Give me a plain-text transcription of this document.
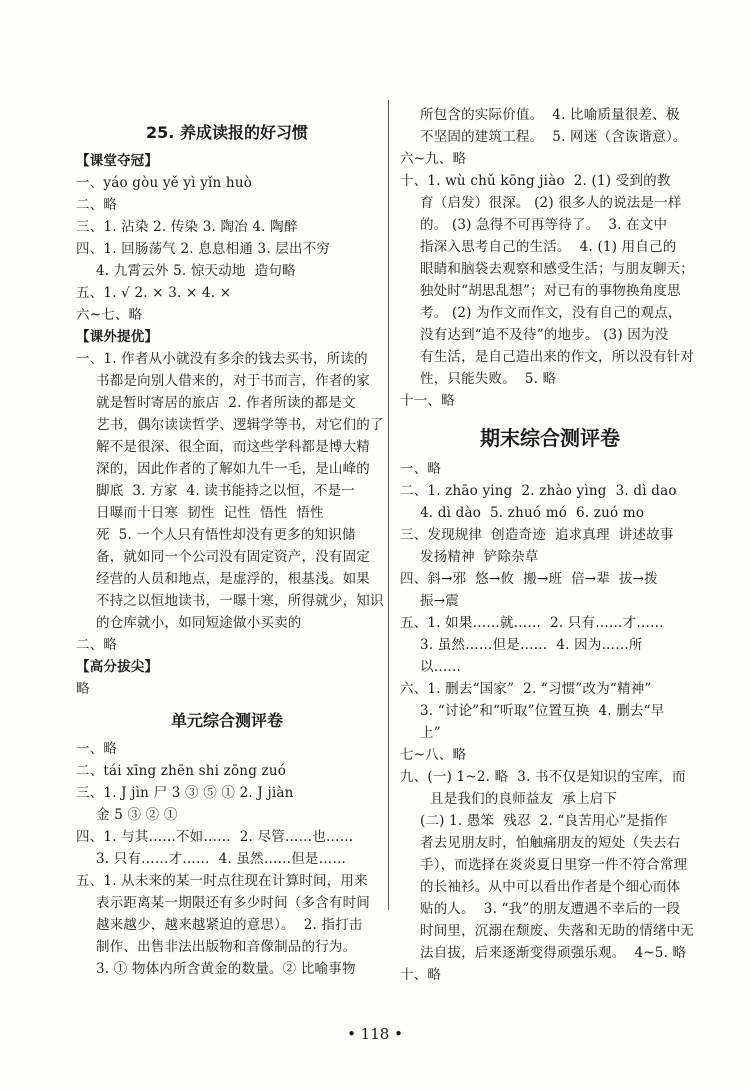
25. 养成读报的好习惯
【课堂夺冠】
一、yáo gòu yě yì yǐn huò
二、略
三、1. 沾染 2. 传染 3. 陶冶 4. 陶醉
四、1. 回肠荡气 2. 息息相通 3. 层出不穷
4. 九霄云外 5. 惊天动地  造句略
五、1. √ 2. × 3. × 4. ×
六~七、略
【课外提优】
一、1. 作者从小就没有多余的钱去买书，所读的
书都是向别人借来的，对于书而言，作者的家
就是暂时寄居的旅店  2. 作者所读的都是文
艺书，偶尔读读哲学、逻辑学等书，对它们的了
解不是很深、很全面，而这些学科都是博大精
深的，因此作者的了解如九牛一毛，是山峰的
脚底  3. 方家  4. 读书能持之以恒，不是一
日曝而十日寒  韧性  记性  悟性  悟性
死  5. 一个人只有悟性却没有更多的知识储
备，就如同一个公司没有固定资产，没有固定
经营的人员和地点，是虚浮的，根基浅。如果
不持之以恒地读书，一曝十寒，所得就少，知识
的仓库就小，如同短途做小买卖的
二、略
【高分拔尖】
略
单元综合测评卷
一、略
二、tái xīng zhēn shi zōng zuó
三、1. J jìn 尸 3 ③ ⑤ ① 2. J jiàn
金 5 ③ ② ①
四、1. 与其……不如……  2. 尽管……也……
3. 只有……才……  4. 虽然……但是……
五、1. 从未来的某一时点往现在计算时间，用来
表示距离某一期限还有多少时间（多含有时间
越来越少，越来越紧迫的意思）。  2. 指打击
制作、出售非法出版物和音像制品的行为。
3. ① 物体内所含黄金的数量。② 比喻事物
所包含的实际价值。  4. 比喻质量很差、极
不坚固的建筑工程。  5. 网迷（含诙谐意）。
六~九、略
十、1. wù chǔ kōng jiào  2. (1) 受到的教
育（启发）很深。 (2) 很多人的说法是一样
的。 (3) 急得不可再等待了。  3. 在文中
指深入思考自己的生活。  4. (1) 用自己的
眼睛和脑袋去观察和感受生活；与朋友聊天；
独处时“胡思乱想”；对已有的事物换角度思
考。 (2) 为作文而作文，没有自己的观点，
没有达到“追不及待”的地步。 (3) 因为没
有生活，是自己造出来的作文，所以没有针对
性，只能失败。  5. 略
十一、略
期末综合测评卷
一、略
二、1. zhāo ying  2. zhào yìng  3. dì dao
4. dì dào  5. zhuó mó  6. zuó mo
三、发现规律  创造奇迹  追求真理  讲述故事
发扬精神  铲除杂草
四、斜→邪  悠→攸  搬→班  倍→辈  拔→拨
振→震
五、1. 如果……就……  2. 只有……才……
3. 虽然……但是……  4. 因为……所
以……
六、1. 删去“国家”  2. “习惯”改为“精神”
3. “讨论”和“听取”位置互换  4. 删去“早
上”
七~八、略
九、(一) 1~2. 略  3. 书不仅是知识的宝库，而
且是我们的良师益友  承上启下
(二) 1. 愚笨  残忍  2. “良苦用心”是指作
者去见朋友时，怕触痛朋友的短处（失去右
手），而选择在炎炎夏日里穿一件不符合常理
的长袖衫。从中可以看出作者是个细心而体
贴的人。  3. “我”的朋友遭遇不幸后的一段
时间里，沉溺在颓废、失落和无助的情绪中无
法自拔，后来逐渐变得顽强乐观。  4~5. 略
十、略
• 118 •
